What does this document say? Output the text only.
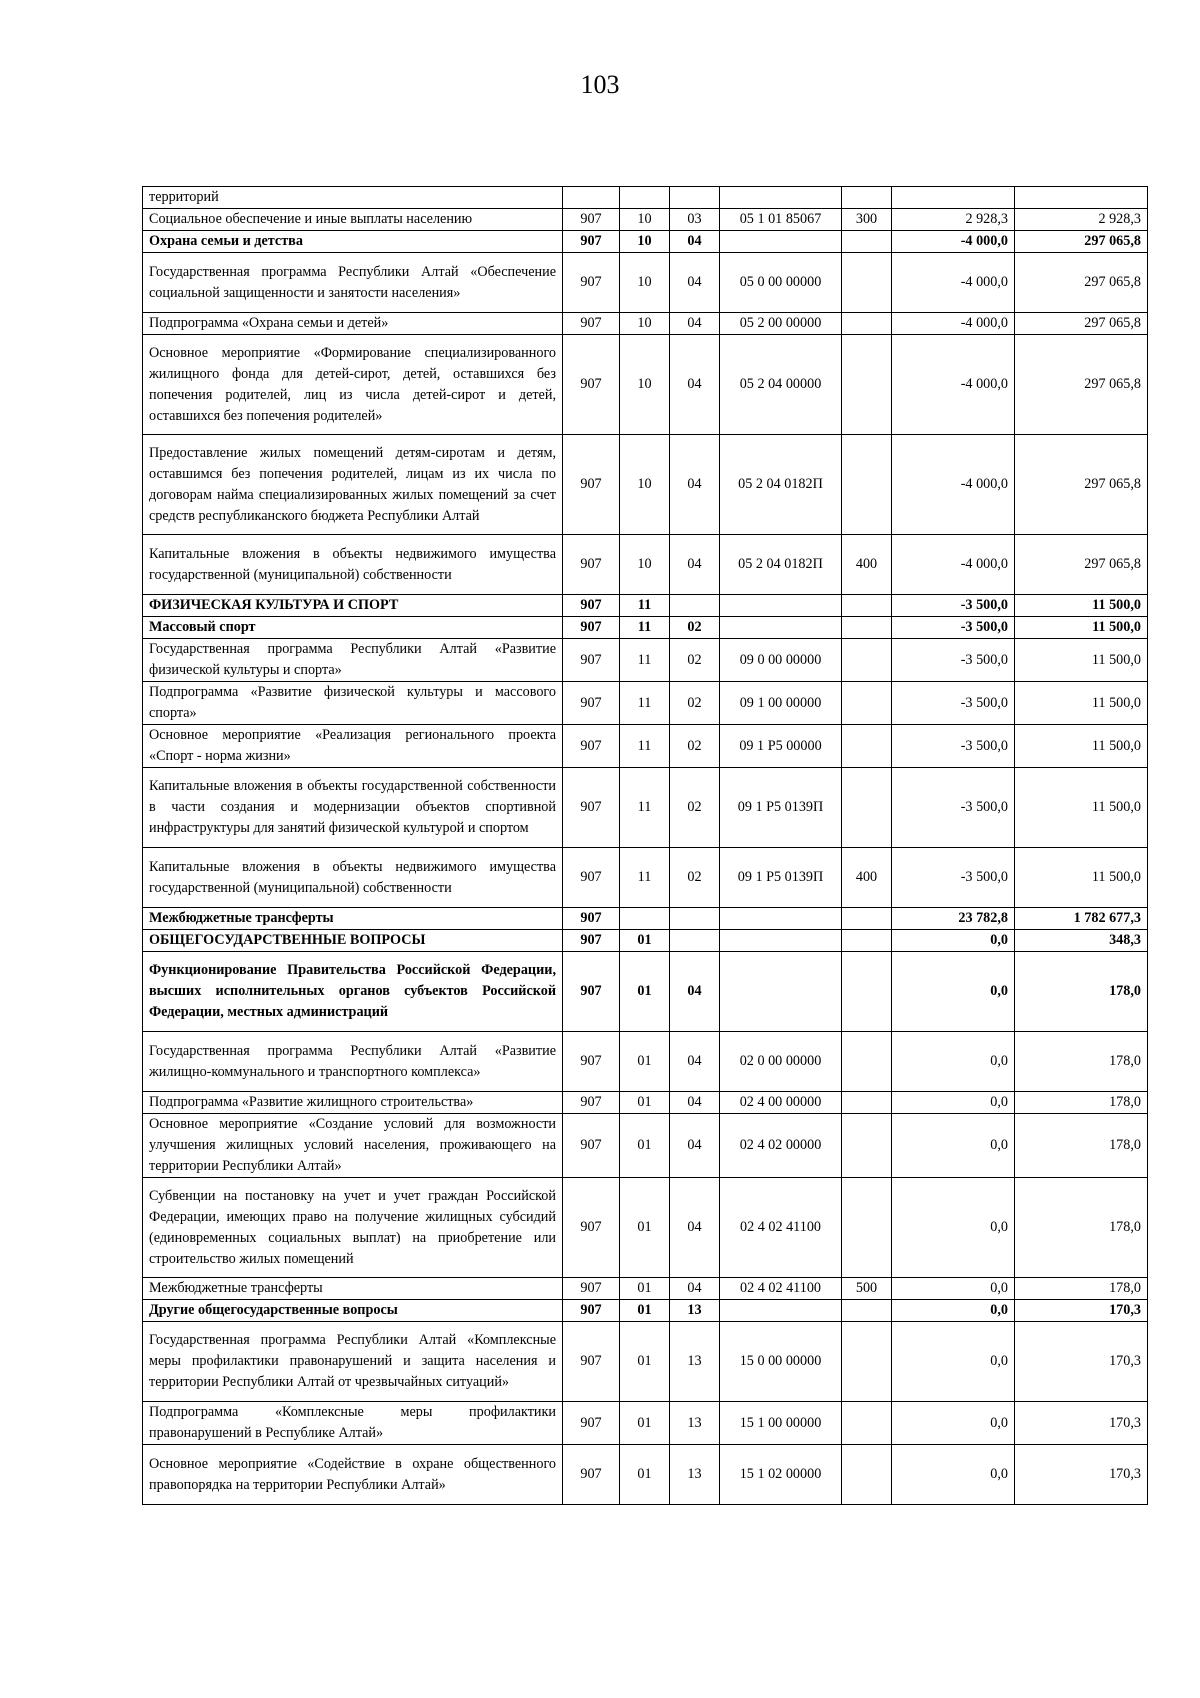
103
территорий							
Социальное обеспечение и иные выплаты населению	907	10	03	05 1 01 85067	300	2 928,3	2 928,3
Охрана семьи и детства	907	10	04			-4 000,0	297 065,8
Государственная программа Республики Алтай «Обеспечение социальной защищенности и занятости населения»	907	10	04	05 0 00 00000		-4 000,0	297 065,8
Подпрограмма «Охрана семьи и детей»	907	10	04	05 2 00 00000		-4 000,0	297 065,8
Основное мероприятие «Формирование специализированного жилищного фонда для детей-сирот, детей, оставшихся без попечения родителей, лиц из числа детей-сирот и детей, оставшихся без попечения родителей»	907	10	04	05 2 04 00000		-4 000,0	297 065,8
Предоставление жилых помещений детям-сиротам и детям, оставшимся без попечения родителей, лицам из их числа по договорам найма специализированных жилых помещений за счет средств республиканского бюджета Республики Алтай	907	10	04	05 2 04 0182П		-4 000,0	297 065,8
Капитальные вложения в объекты недвижимого имущества государственной (муниципальной) собственности	907	10	04	05 2 04 0182П	400	-4 000,0	297 065,8
ФИЗИЧЕСКАЯ КУЛЬТУРА И СПОРТ	907	11				-3 500,0	11 500,0
Массовый спорт	907	11	02			-3 500,0	11 500,0
Государственная программа Республики Алтай «Развитие физической культуры и спорта»	907	11	02	09 0 00 00000		-3 500,0	11 500,0
Подпрограмма «Развитие физической культуры и массового спорта»	907	11	02	09 1 00 00000		-3 500,0	11 500,0
Основное мероприятие «Реализация регионального проекта «Спорт - норма жизни»	907	11	02	09 1 P5 00000		-3 500,0	11 500,0
Капитальные вложения в объекты государственной собственности в части создания и модернизации объектов спортивной инфраструктуры для занятий физической культурой и спортом	907	11	02	09 1 P5 0139П		-3 500,0	11 500,0
Капитальные вложения в объекты недвижимого имущества государственной (муниципальной) собственности	907	11	02	09 1 P5 0139П	400	-3 500,0	11 500,0
Межбюджетные трансферты	907					23 782,8	1 782 677,3
ОБЩЕГОСУДАРСТВЕННЫЕ ВОПРОСЫ	907	01				0,0	348,3
Функционирование Правительства Российской Федерации, высших исполнительных органов субъектов Российской Федерации, местных администраций	907	01	04			0,0	178,0
Государственная программа Республики Алтай «Развитие жилищно-коммунального и транспортного комплекса»	907	01	04	02 0 00 00000		0,0	178,0
Подпрограмма «Развитие жилищного строительства»	907	01	04	02 4 00 00000		0,0	178,0
Основное мероприятие «Создание условий для возможности улучшения жилищных условий населения, проживающего на территории Республики Алтай»	907	01	04	02 4 02 00000		0,0	178,0
Субвенции на постановку на учет и учет граждан Российской Федерации, имеющих право на получение жилищных субсидий (единовременных социальных выплат) на приобретение или строительство жилых помещений	907	01	04	02 4 02 41100		0,0	178,0
Межбюджетные трансферты	907	01	04	02 4 02 41100	500	0,0	178,0
Другие общегосударственные вопросы	907	01	13			0,0	170,3
Государственная программа Республики Алтай «Комплексные меры профилактики правонарушений и защита населения и территории Республики Алтай от чрезвычайных ситуаций»	907	01	13	15 0 00 00000		0,0	170,3
Подпрограмма «Комплексные меры профилактики правонарушений в Республике Алтай»	907	01	13	15 1 00 00000		0,0	170,3
Основное мероприятие «Содействие в охране общественного правопорядка на территории Республики Алтай»	907	01	13	15 1 02 00000		0,0	170,3
